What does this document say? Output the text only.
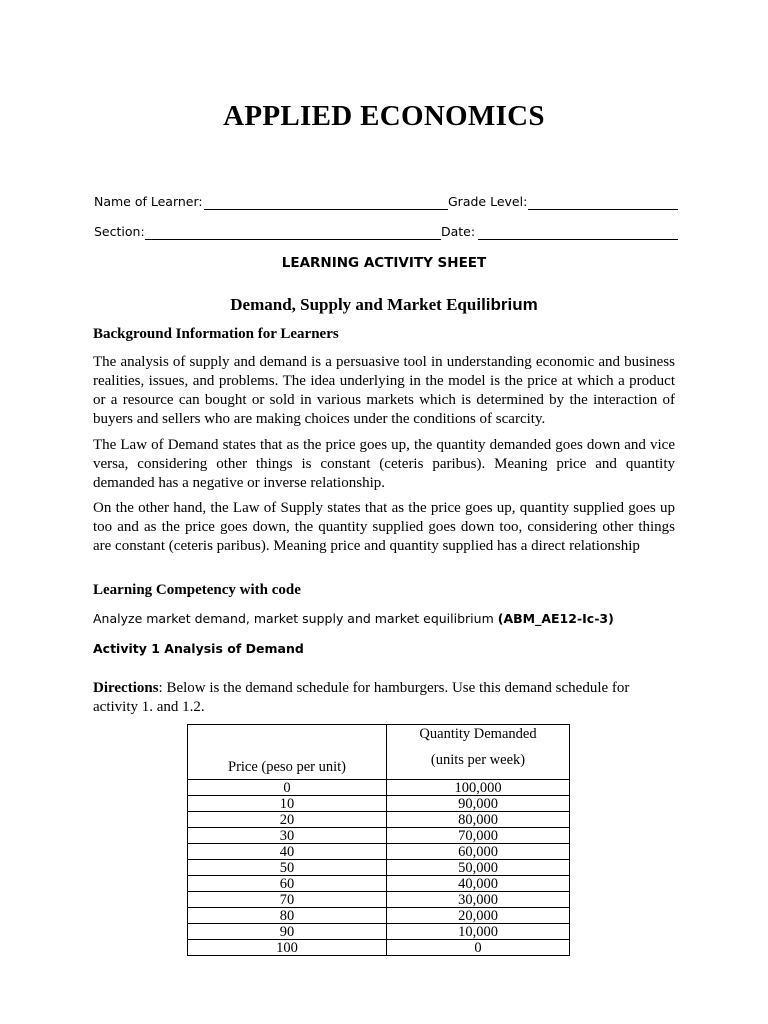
APPLIED ECONOMICS
Name of Learner:	Grade Level:
Section:	Date:
LEARNING ACTIVITY SHEET
Demand, Supply and Market Equilibrium
Background Information for Learners

The analysis of supply and demand is a persuasive tool in understanding economic and business realities, issues, and problems. The idea underlying in the model is the price at which a product or a resource can bought or sold in various markets which is determined by the interaction of buyers and sellers who are making choices under the conditions of scarcity.

The Law of Demand states that as the price goes up, the quantity demanded goes down and vice versa, considering other things is constant (ceteris paribus). Meaning price and quantity demanded has a negative or inverse relationship.

On the other hand, the Law of Supply states that as the price goes up, quantity supplied goes up too and as the price goes down, the quantity supplied goes down too, considering other things are constant (ceteris paribus). Meaning price and quantity supplied has a direct relationship

Learning Competency with code
Analyze market demand, market supply and market equilibrium (ABM_AE12-Ic-3)
Activity 1 Analysis of Demand

Directions: Below is the demand schedule for hamburgers. Use this demand schedule for activity 1. and 1.2.

Price (peso per unit)	Quantity Demanded
(units per week)

0	100,000
10	90,000
20	80,000
30	70,000
40	60,000
50	50,000
60	40,000
70	30,000
80	20,000
90	10,000
100	0
